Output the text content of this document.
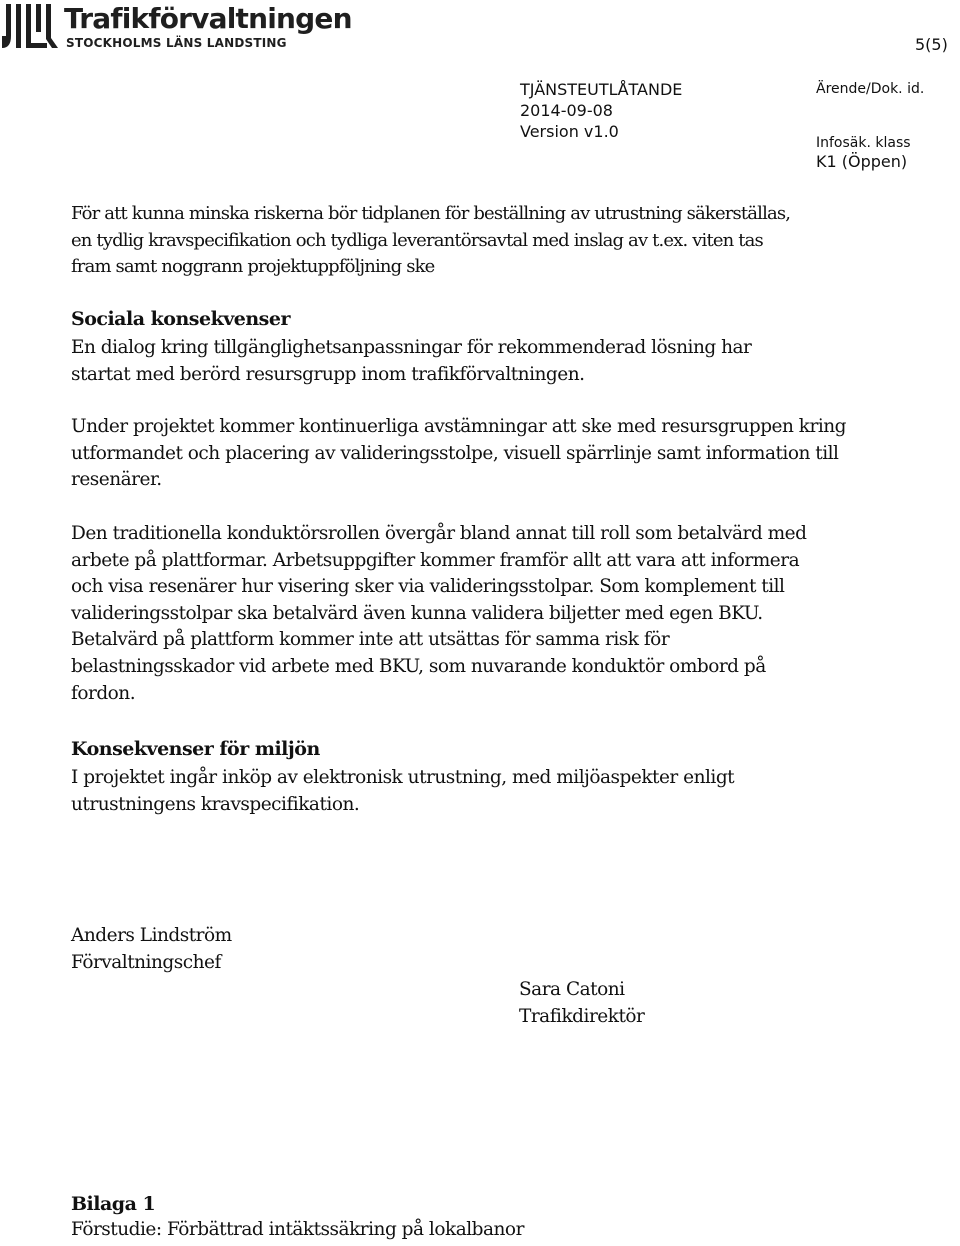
Trafikförvaltningen
STOCKHOLMS LÄNS LANDSTING	5(5)
TJÄNSTEUTLÅTANDE
2014-09-08
Version v1.0
Ärende/Dok. id.
Infosäk. klass
K1 (Öppen)

För att kunna minska riskerna bör tidplanen för beställning av utrustning säkerställas, en tydlig kravspecifikation och tydliga leverantörsavtal med inslag av t.ex. viten tas fram samt noggrann projektuppföljning ske

Sociala konsekvenser

En dialog kring tillgänglighetsanpassningar för rekommenderad lösning har startat med berörd resursgrupp inom trafikförvaltningen.

Under projektet kommer kontinuerliga avstämningar att ske med resursgruppen kring utformandet och placering av valideringsstolpe, visuell spärrlinje samt information till resenärer.

Den traditionella konduktörsrollen övergår bland annat till roll som betalvärd med arbete på plattformar. Arbetsuppgifter kommer framför allt att vara att informera och visa resenärer hur visering sker via valideringsstolpar. Som komplement till valideringsstolpar ska betalvärd även kunna validera biljetter med egen BKU. Betalvärd på plattform kommer inte att utsättas för samma risk för belastningsskador vid arbete med BKU, som nuvarande konduktör ombord på fordon.

Konsekvenser för miljön

I projektet ingår inköp av elektronisk utrustning, med miljöaspekter enligt utrustningens kravspecifikation.

Anders Lindström
Förvaltningschef
Sara Catoni
Trafikdirektör
Bilaga 1
Förstudie: Förbättrad intäktssäkring på lokalbanor
